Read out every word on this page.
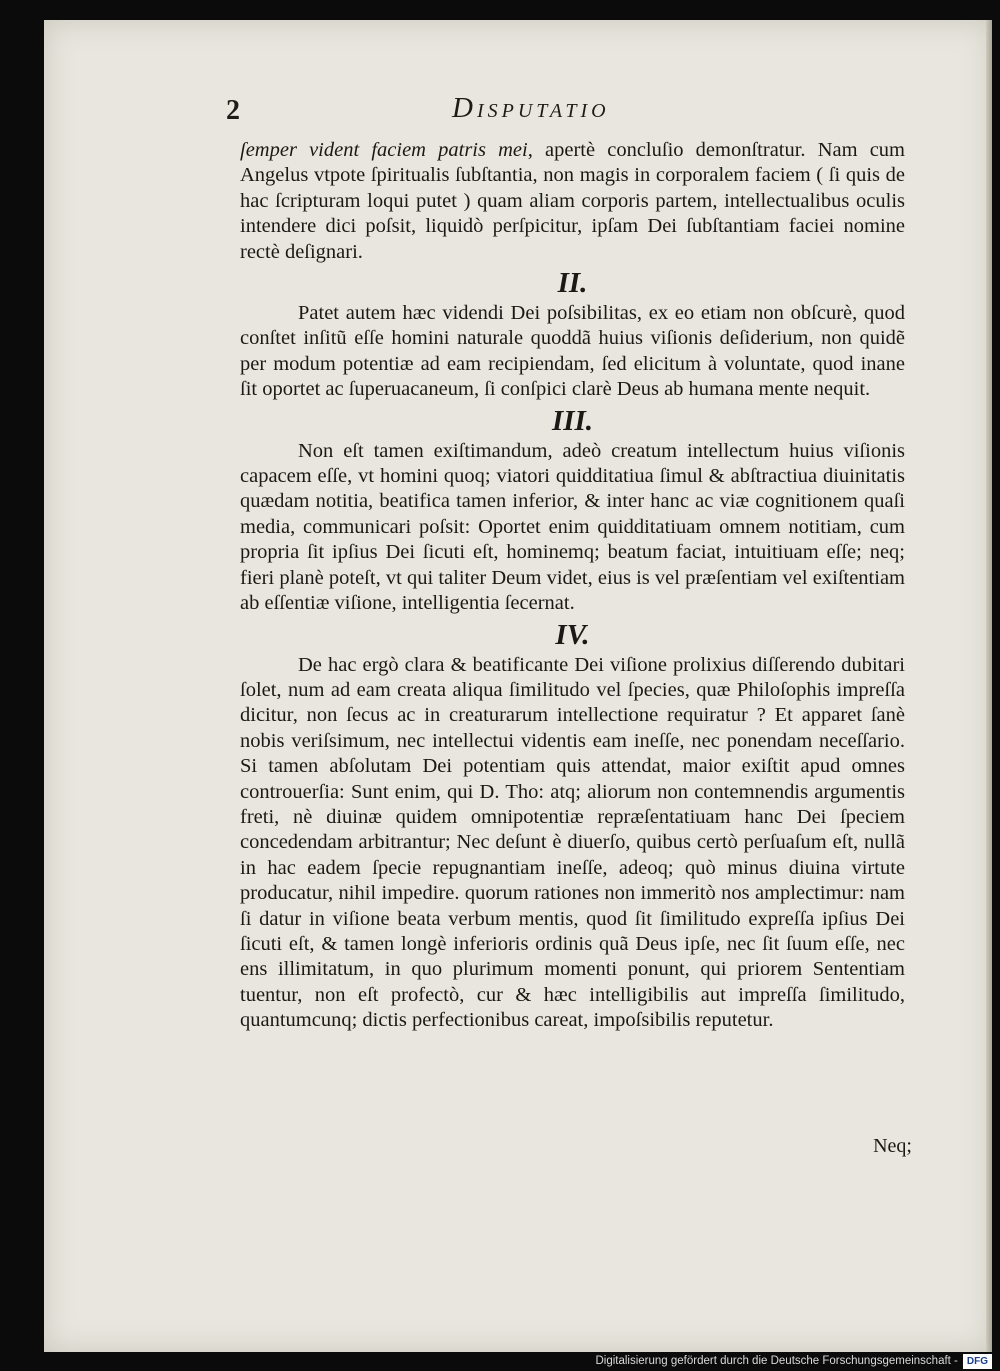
2	Disputatio

ſemper vident faciem patris mei, apertè concluſio demonſtratur. Nam cum Angelus vtpote ſpiritualis ſubſtantia, non magis in corporalem faciem ( ſi quis de hac ſcripturam loqui putet ) quam aliam corporis partem, intellectualibus oculis intendere dici poſsit, liquidò perſpicitur, ipſam Dei ſubſtantiam faciei nomine rectè deſignari.

II.

Patet autem hæc videndi Dei poſsibilitas, ex eo etiam non obſcurè, quod conſtet inſitũ eſſe homini naturale quoddã huius viſionis deſiderium, non quidẽ per modum potentiæ ad eam recipiendam, ſed elicitum à voluntate, quod inane ſit oportet ac ſuperuacaneum, ſi conſpici clarè Deus ab humana mente nequit.

III.

Non eſt tamen exiſtimandum, adeò creatum intellectum huius viſionis capacem eſſe, vt homini quoq; viatori quidditatiua ſimul & abſtractiua diuinitatis quædam notitia, beatifica tamen inferior, & inter hanc ac viæ cognitionem quaſi media, communicari poſsit: Oportet enim quidditatiuam omnem notitiam, cum propria ſit ipſius Dei ſicuti eſt, hominemq; beatum faciat, intuitiuam eſſe; neq; fieri planè poteſt, vt qui taliter Deum videt, eius is vel præſentiam vel exiſtentiam ab eſſentiæ viſione, intelligentia ſecernat.

IV.

De hac ergò clara & beatificante Dei viſione prolixius diſſerendo dubitari ſolet, num ad eam creata aliqua ſimilitudo vel ſpecies, quæ Philoſophis impreſſa dicitur, non ſecus ac in creaturarum intellectione requiratur ? Et apparet ſanè nobis veriſsimum, nec intellectui videntis eam ineſſe, nec ponendam neceſſario. Si tamen abſolutam Dei potentiam quis attendat, maior exiſtit apud omnes controuerſia: Sunt enim, qui D. Tho: atq; aliorum non contemnendis argumentis freti, nè diuinæ quidem omnipotentiæ repræſentatiuam hanc Dei ſpeciem concedendam arbitrantur; Nec deſunt è diuerſo, quibus certò perſuaſum eſt, nullã in hac eadem ſpecie repugnantiam ineſſe, adeoq; quò minus diuina virtute producatur, nihil impedire. quorum rationes non immeritò nos amplectimur: nam ſi datur in viſione beata verbum mentis, quod ſit ſimilitudo expreſſa ipſius Dei ſicuti eſt, & tamen longè inferioris ordinis quã Deus ipſe, nec ſit ſuum eſſe, nec ens illimitatum, in quo plurimum momenti ponunt, qui priorem Sententiam tuentur, non eſt profectò, cur & hæc intelligibilis aut impreſſa ſimilitudo, quantumcunq; dictis perfectionibus careat, impoſsibilis reputetur.

Neq;
Digitalisierung gefördert durch die Deutsche Forschungsgemeinschaft - DFG
